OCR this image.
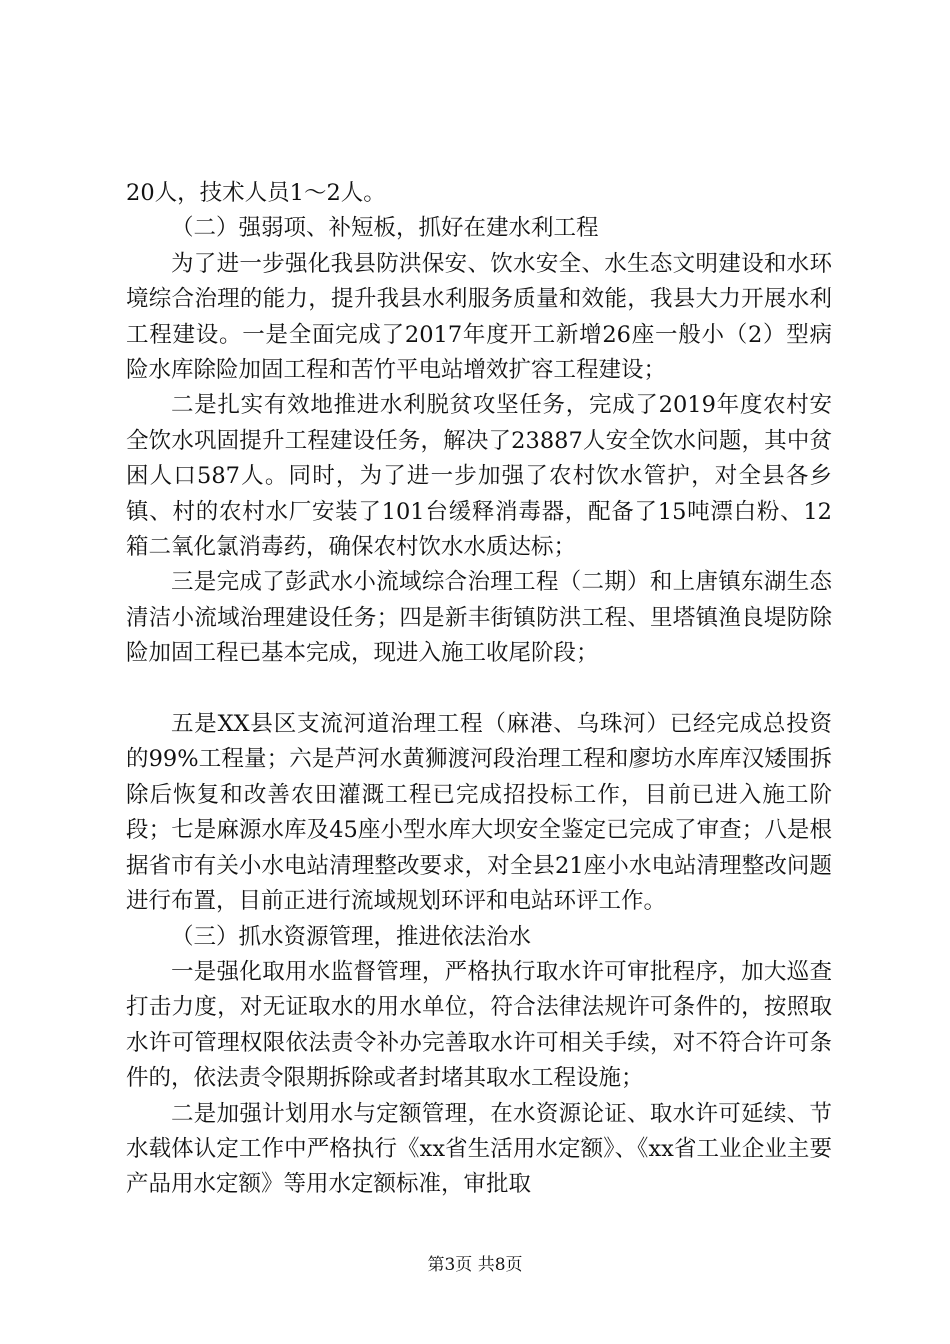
20人，技术人员1～2人。

（二）强弱项、补短板，抓好在建水利工程

为了进一步强化我县防洪保安、饮水安全、水生态文明建设和水环境综合治理的能力，提升我县水利服务质量和效能，我县大力开展水利工程建设。一是全面完成了2017年度开工新增26座一般小（2）型病险水库除险加固工程和苦竹平电站增效扩容工程建设；

二是扎实有效地推进水利脱贫攻坚任务，完成了2019年度农村安全饮水巩固提升工程建设任务，解决了23887人安全饮水问题，其中贫困人口587人。同时，为了进一步加强了农村饮水管护，对全县各乡镇、村的农村水厂安装了101台缓释消毒器，配备了15吨漂白粉、12箱二氧化氯消毒药，确保农村饮水水质达标；

三是完成了彭武水小流域综合治理工程（二期）和上唐镇东湖生态清洁小流域治理建设任务；四是新丰街镇防洪工程、里塔镇渔良堤防除险加固工程已基本完成，现进入施工收尾阶段；

五是XX县区支流河道治理工程（麻港、乌珠河）已经完成总投资的99%工程量；六是芦河水黄狮渡河段治理工程和廖坊水库库汉矮围拆除后恢复和改善农田灌溉工程已完成招投标工作，目前已进入施工阶段；七是麻源水库及45座小型水库大坝安全鉴定已完成了审查；八是根据省市有关小水电站清理整改要求，对全县21座小水电站清理整改问题进行布置，目前正进行流域规划环评和电站环评工作。

（三）抓水资源管理，推进依法治水

一是强化取用水监督管理，严格执行取水许可审批程序，加大巡查打击力度，对无证取水的用水单位，符合法律法规许可条件的，按照取水许可管理权限依法责令补办完善取水许可相关手续，对不符合许可条件的，依法责令限期拆除或者封堵其取水工程设施；

二是加强计划用水与定额管理，在水资源论证、取水许可延续、节水载体认定工作中严格执行《xx省生活用水定额》、《xx省工业企业主要产品用水定额》等用水定额标准，审批取

第3页 共8页
